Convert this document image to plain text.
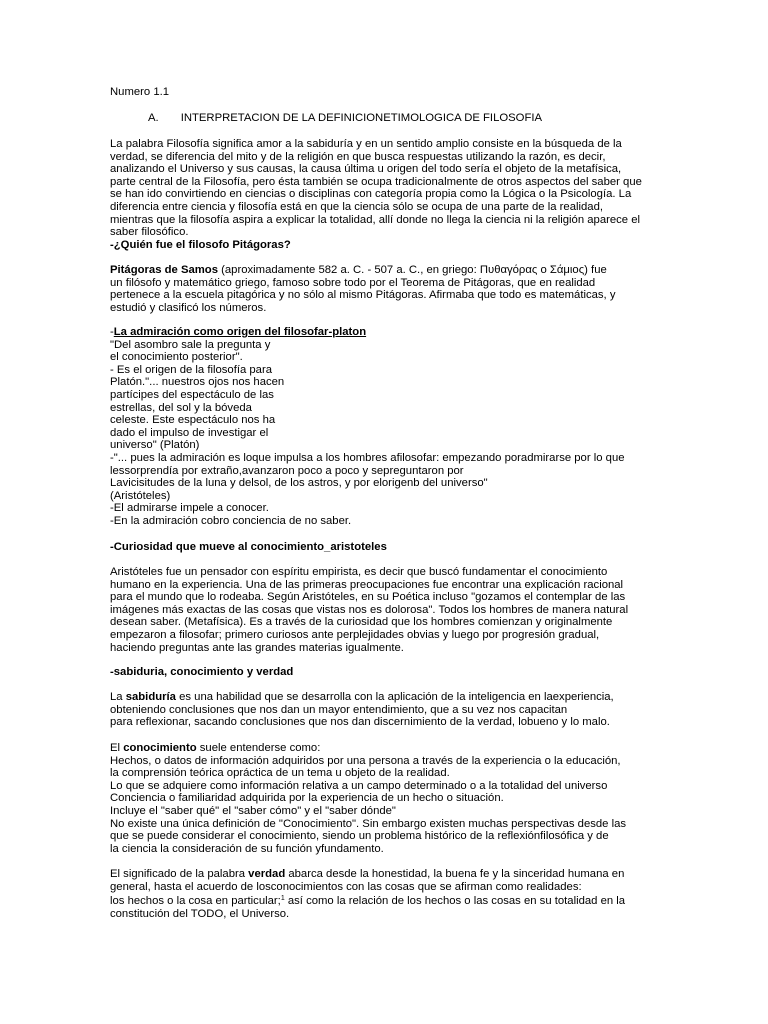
Numero 1.1
A. INTERPRETACION DE LA DEFINICIONETIMOLOGICA DE FILOSOFIA
La palabra Filosofía significa amor a la sabiduría y en un sentido amplio consiste en la búsqueda de la
verdad, se diferencia del mito y de la religión en que busca respuestas utilizando la razón, es decir,
analizando el Universo y sus causas, la causa última u origen del todo sería el objeto de la metafísica,
parte central de la Filosofía, pero ésta también se ocupa tradicionalmente de otros aspectos del saber que
se han ido convirtiendo en ciencias o disciplinas con categoría propia como la Lógica o la Psicología. La
diferencia entre ciencia y filosofía está en que la ciencia sólo se ocupa de una parte de la realidad,
mientras que la filosofía aspira a explicar la totalidad, allí donde no llega la ciencia ni la religión aparece el
saber filosófico.
-¿Quién fue el filosofo Pitágoras?
Pitágoras de Samos (aproximadamente 582 a. C. - 507 a. C., en griego: Πυθαγόρας ο Σάμιος) fue
un filósofo y matemático griego, famoso sobre todo por el Teorema de Pitágoras, que en realidad
pertenece a la escuela pitagórica y no sólo al mismo Pitágoras. Afirmaba que todo es matemáticas, y
estudió y clasificó los números.
-La admiración como origen del filosofar-platon
"Del asombro sale la pregunta y
el conocimiento posterior".
- Es el origen de la filosofía para
Platón."... nuestros ojos nos hacen
partícipes del espectáculo de las
estrellas, del sol y la bóveda
celeste. Este espectáculo nos ha
dado el impulso de investigar el
universo" (Platón)
-"... pues la admiración es loque impulsa a los hombres afilosofar: empezando poradmirarse por lo que
lessorprendía por extraño,avanzaron poco a poco y sepreguntaron por
Lavicisitudes de la luna y delsol, de los astros, y por elorigenb del universo"
(Aristóteles)
-El admirarse impele a conocer.
-En la admiración cobro conciencia de no saber.
-Curiosidad que mueve al conocimiento_aristoteles
Aristóteles fue un pensador con espíritu empirista, es decir que buscó fundamentar el conocimiento
humano en la experiencia. Una de las primeras preocupaciones fue encontrar una explicación racional
para el mundo que lo rodeaba. Según Aristóteles, en su Poética incluso "gozamos el contemplar de las
imágenes más exactas de las cosas que vistas nos es dolorosa". Todos los hombres de manera natural
desean saber. (Metafísica). Es a través de la curiosidad que los hombres comienzan y originalmente
empezaron a filosofar; primero curiosos ante perplejidades obvias y luego por progresión gradual,
haciendo preguntas ante las grandes materias igualmente.
-sabiduria, conocimiento y verdad
La sabiduría es una habilidad que se desarrolla con la aplicación de la inteligencia en laexperiencia,
obteniendo conclusiones que nos dan un mayor entendimiento, que a su vez nos capacitan
para reflexionar, sacando conclusiones que nos dan discernimiento de la verdad, lobueno y lo malo.
El conocimiento suele entenderse como:
Hechos, o datos de información adquiridos por una persona a través de la experiencia o la educación,
la comprensión teórica opráctica de un tema u objeto de la realidad.
Lo que se adquiere como información relativa a un campo determinado o a la totalidad del universo
Conciencia o familiaridad adquirida por la experiencia de un hecho o situación.
Incluye el "saber qué" el "saber cómo" y el "saber dónde"
No existe una única definición de "Conocimiento". Sin embargo existen muchas perspectivas desde las
que se puede considerar el conocimiento, siendo un problema histórico de la reflexiónfilosófica y de
la ciencia la consideración de su función yfundamento.
El significado de la palabra verdad abarca desde la honestidad, la buena fe y la sinceridad humana en
general, hasta el acuerdo de losconocimientos con las cosas que se afirman como realidades:
los hechos o la cosa en particular;$^1$ así como la relación de los hechos o las cosas en su totalidad en la
constitución del TODO, el Universo.
